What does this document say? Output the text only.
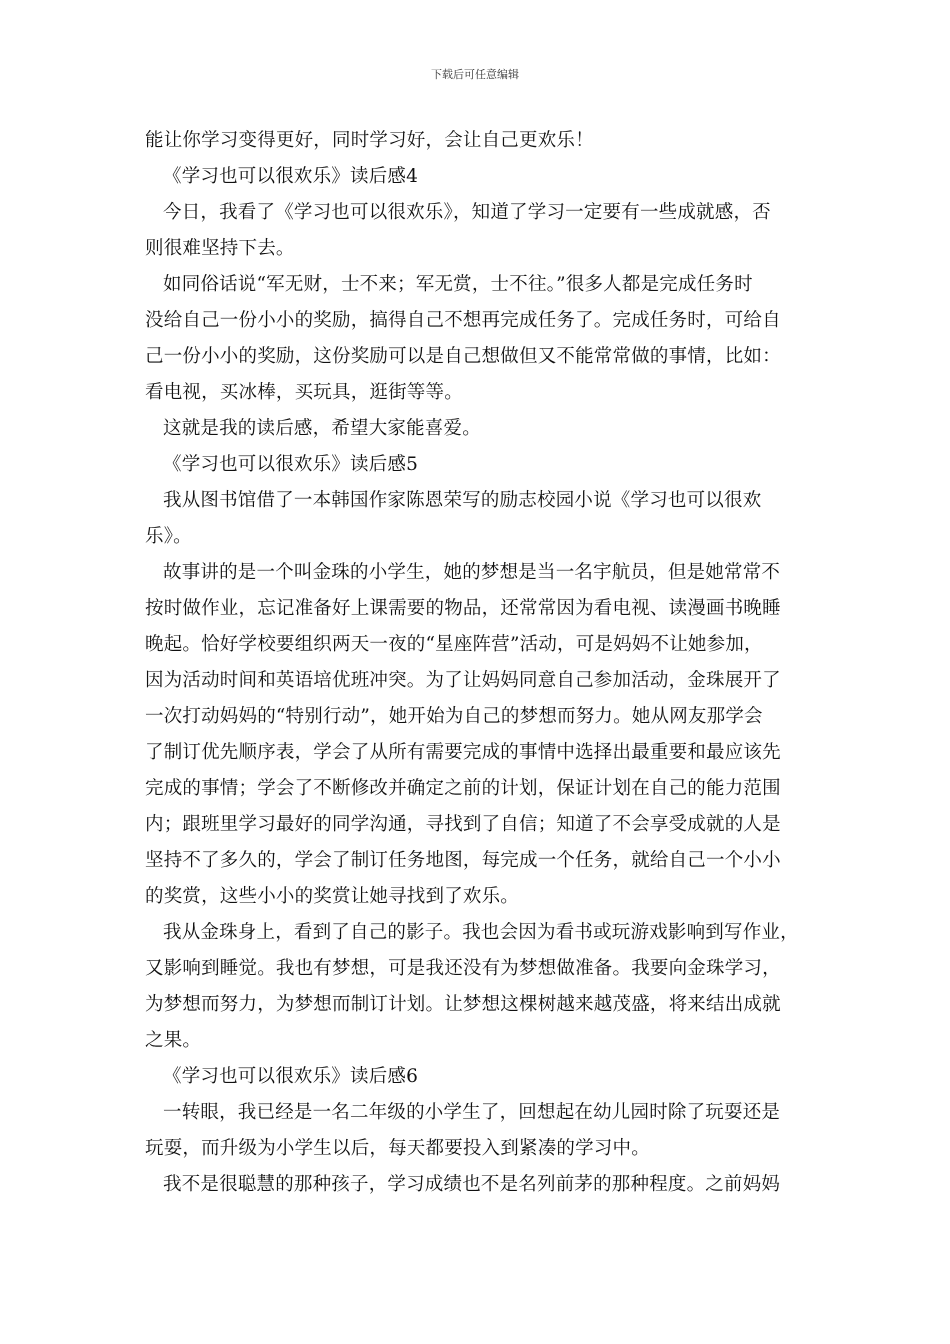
下载后可任意编辑
能让你学习变得更好，同时学习好，会让自己更欢乐！
《学习也可以很欢乐》读后感4
今日，我看了《学习也可以很欢乐》，知道了学习一定要有一些成就感，否
则很难坚持下去。
如同俗话说“军无财，士不来；军无赏，士不往。”很多人都是完成任务时
没给自己一份小小的奖励，搞得自己不想再完成任务了。完成任务时，可给自
己一份小小的奖励，这份奖励可以是自己想做但又不能常常做的事情，比如：
看电视，买冰棒，买玩具，逛街等等。
这就是我的读后感，希望大家能喜爱。
《学习也可以很欢乐》读后感5
我从图书馆借了一本韩国作家陈恩荣写的励志校园小说《学习也可以很欢
乐》。
故事讲的是一个叫金珠的小学生，她的梦想是当一名宇航员，但是她常常不
按时做作业，忘记准备好上课需要的物品，还常常因为看电视、读漫画书晚睡
晚起。恰好学校要组织两天一夜的“星座阵营”活动，可是妈妈不让她参加，
因为活动时间和英语培优班冲突。为了让妈妈同意自己参加活动，金珠展开了
一次打动妈妈的“特别行动”，她开始为自己的梦想而努力。她从网友那学会
了制订优先顺序表，学会了从所有需要完成的事情中选择出最重要和最应该先
完成的事情；学会了不断修改并确定之前的计划，保证计划在自己的能力范围
内；跟班里学习最好的同学沟通，寻找到了自信；知道了不会享受成就的人是
坚持不了多久的，学会了制订任务地图，每完成一个任务，就给自己一个小小
的奖赏，这些小小的奖赏让她寻找到了欢乐。
我从金珠身上，看到了自己的影子。我也会因为看书或玩游戏影响到写作业，
又影响到睡觉。我也有梦想，可是我还没有为梦想做准备。我要向金珠学习，
为梦想而努力，为梦想而制订计划。让梦想这棵树越来越茂盛，将来结出成就
之果。
《学习也可以很欢乐》读后感6
一转眼，我已经是一名二年级的小学生了，回想起在幼儿园时除了玩耍还是
玩耍，而升级为小学生以后，每天都要投入到紧凑的学习中。
我不是很聪慧的那种孩子，学习成绩也不是名列前茅的那种程度。之前妈妈
